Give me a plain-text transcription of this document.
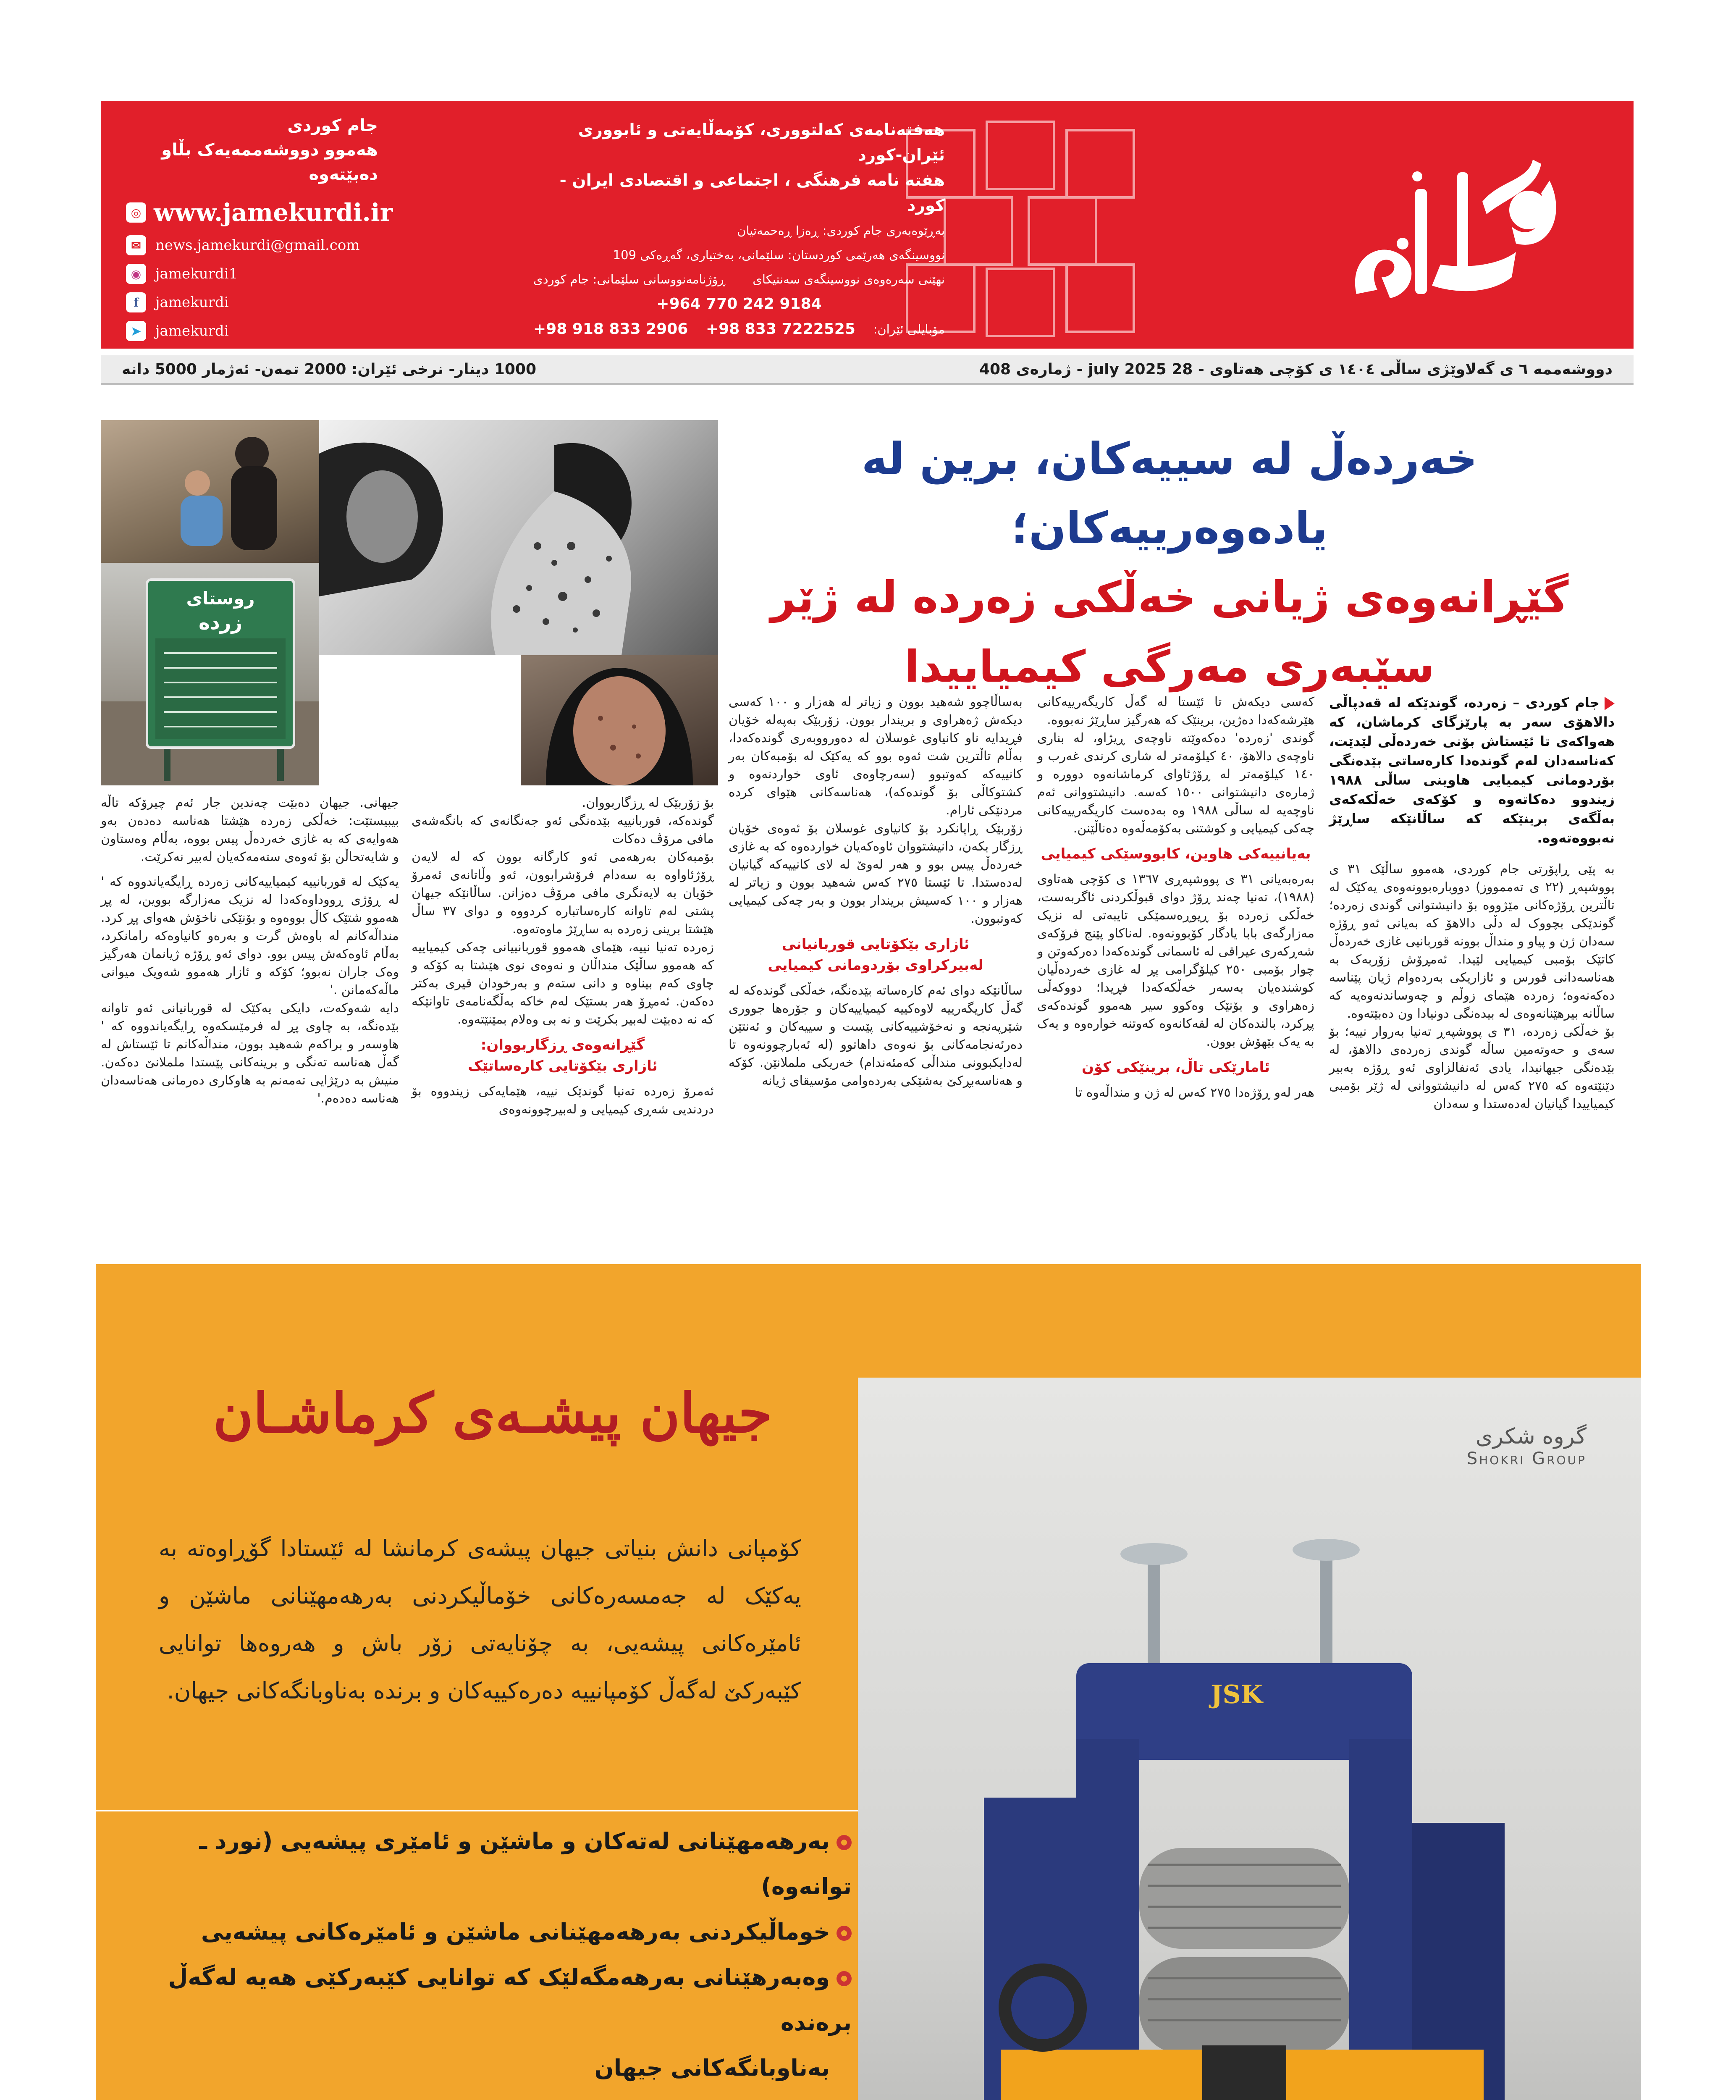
هەفتەنامەی کەلتووری، کۆمەڵایەتی و ئابووری ئێران-کورد
هفته نامه فرهنگی ، اجتماعی و اقتصادی ایران - کورد
بەڕێوەبەری جام کوردی: ڕەزا ڕەحمەتیان
نووسینگەی هەرێمی کوردستان: سلێمانی، بەختیاری، گەڕەکی 109
نهێنی سەرەوەی نووسینگەی سەنتیکای
ڕۆژنامەنووسانی سلێمانی: جام کوردی
+964 770 242 9184
مۆبایلی ئێران:
+98 833 7222525
+98 918 833 2906
جام کوردی
هەموو دووشەممەیەک بڵاو دەبێتەوە
◎ www.jamekurdi.ir
✉	news.jamekurdi@gmail.com
◉ jamekurdi1
f	jamekurdi
➤	jamekurdi
1000 دینار- نرخی ئێران: 2000 تمەن- ئەژمار 5000 دانە	دووشەممە ٦ ی گەلاوێژی ساڵی ١٤٠٤ ی کۆچی هەتاوی - 28 july 2025 - ژمارەی 408
خەردەڵ لە سییەکان، برین لە یادەوەرییەکان؛
گێڕانەوەی ژیانی خەڵکی زەردە لە ژێر
سێبەری مەرگی کیمیاییدا
روستای
زرده

جام کوردی – زەردە، گوندێکە لە قەدپاڵی دالاهۆی سەر بە پارێزگای کرماشان، کە هەواکەی تا ئێستاش بۆنی خەردەڵی لێدێت، کەناسەدان لەم گوندەدا کارەساتی بێدەنگی بۆردومانی کیمیایی هاوینی ساڵی ١٩٨٨ زیندوو دەکاتەوە و کۆکەی خەڵکەکەی بەڵگەی برینێکە کە ساڵانێکە ساڕێژ نەبووەتەوە.

بە پێی ڕاپۆرتی جام کوردی، هەموو ساڵێک ٣١ ی پووشپەڕ (٢٢ ی تەممووز) دووبارەبوونەوەی یەکێک لە تاڵترین ڕۆژەکانی مێژووە بۆ دانیشتوانی گوندی زەردە؛ گوندێکی بچووک لە دڵی دالاهۆ کە بەیانی ئەو ڕۆژە سەدان ژن و پیاو و منداڵ بوونە قوربانیی غازی خەردەڵ کاتێک بۆمبی کیمیایی لێیدا. ئەمڕۆش زۆربەک بە هەناسەدانی قورس و ئازاریکی بەردەوام ژیان پێناسە دەکەنەوە؛ زەردە هێمای زوڵم و چەوساندنەوەیە کە ساڵانە بیرهێنانەوەی لە بیدەنگی دونیادا ون دەبێتەوە.

بۆ خەڵکی زەردە، ٣١ ی پووشپەڕ تەنیا بەروار نییە؛ بۆ سەی و حەوتەمین ساڵە گوندی زەردەی دالاهۆ، لە بێدەنگی جیهانیدا، یادی ئەنفالزاوی ئەو ڕۆژە بەبیر دێنێتەوە کە ٢٧٥ کەس لە دانیشتووانی لە ژێر بۆمبی کیمیاییدا گیانیان لەدەستدا و سەدان

کەسی دیکەش تا ئێستا لە گەڵ کاریگەرییەکانی هێرشەکەدا دەژین، برینێک کە هەرگیز ساڕێژ نەبووە.

گوندی 'زەردە' دەکەوێتە ناوچەی ڕیژاو، لە بناری ناوچەی دالاهۆ، ٤٠ کیلۆمەتر لە شاری کرندی غەرب و ١٤٠ کیلۆمەتر لە ڕۆژئاوای کرماشانەوە دوورە و ژمارەی دانیشتوانی ١٥٠٠ کەسە. دانیشتووانی ئەم ناوچەیە لە ساڵی ١٩٨٨ وە بەدەست کاریگەرییەکانی چەکی کیمیایی و کوشتنی بەکۆمەڵەوە دەناڵێنن.

بەیانییەکی هاوین، کابووسێکی کیمیایی

بەرەبەیانی ٣١ ی پووشپەڕی ١٣٦٧ ی کۆچی هەتاوی (١٩٨٨)، تەنیا چەند ڕۆژ دوای قبوڵکردنی ئاگربەست، خەڵکی زەردە بۆ ڕیوڕەسمێکی تایبەتی لە نزیک مەزارگەی بابا یادگار کۆبوونەوە. لەناکاو پێنج فرۆکەی شەڕکەری عیراقی لە ئاسمانی گوندەکەدا دەرکەوتن و چوار بۆمبی ٢٥٠ کیلۆگرامی پڕ لە غازی خەردەڵیان کوشندەیان بەسەر خەڵکەکەدا فڕیدا؛ دووکەڵی زەهراوی و بۆنێک وەکوو سیر هەموو گوندەکەی پڕکرد، بالندەکان لە لقەکانەوە کەوتنە خوارەوە و یەک بە یەک بێهۆش بوون.

ئامارێکی تاڵ، برینێکی کۆن

هەر لەو ڕۆژەدا ٢٧٥ کەس لە ژن و منداڵەوە تا

بەساڵاچوو شەهید بوون و زیاتر لە هەزار و ١٠٠ کەسی دیکەش ژەهراوی و بریندار بوون. زۆربێک بەپەلە خۆیان فڕیدایە ناو کانیاوی غوسلان لە دەورووبەری گوندەکەدا، بەڵام تاڵترین شت ئەوە بوو کە یەکێک لە بۆمبەکان بەر کانییەکە کەوتبوو (سەرچاوەی ئاوی خواردنەوە و کشتوکاڵی بۆ گوندەکە)، هەناسەکانی هێوای کردە مردنێکی ئارام.

زۆربێک ڕاپانکرد بۆ کانیاوی غوسلان بۆ ئەوەی خۆیان ڕزگار بکەن، دانیشتووان ئاوەکەیان خواردەوە کە بە غازی خەردەڵ پیس بوو و هەر لەوێ لە لای کانییەکە گیانیان لەدەستدا. تا ئێستا ٢٧٥ کەس شەهید بوون و زیاتر لە هەزار و ١٠٠ کەسیش بریندار بوون و بەر چەکی کیمیایی کەوتبوون.

ئازاری بێکۆتایی قوربانیانی
لەبیرکراوی بۆردومانی کیمیایی

ساڵانێکە دوای ئەم کارەساتە بێدەنگە، خەڵکی گوندەکە لە گەڵ کاریگەرییە لاوەکییە کیمیاییەکان و جۆرەها جووری شێرپەنجە و نەخۆشییەکانی پێست و سییەکان و ئەنتێن دەرئەنجامەکانی بۆ نەوەی داهاتوو (لە ئەبارچوونەوە تا لەدایکبوونی منداڵی کەمئەندام) خەریکی ململانێن. کۆکە و هەناسەبڕکێ بەشێکی بەردەوامی مۆسیقای ژیانە

بۆ زۆربێک لە ڕزگاربووان.

گوندەکە، قوربانییە بێدەنگی ئەو جەنگانەی کە بانگەشەی مافی مرۆڤ دەکات

بۆمبەکان بەرهەمی ئەو کارگانە بوون کە لە لایەن ڕۆژئاواوە بە سەدام فرۆشرابوون، ئەو وڵاتانەی ئەمرۆ خۆیان بە لایەنگری مافی مرۆڤ دەزانن. ساڵانێکە جیهان پشتی لەم تاوانە کارەساتبارە کردووە و دوای ٣٧ ساڵ هێشتا برینی زەردە بە ساڕێژ ماوەتەوە.

زەردە تەنیا نییە، هێمای هەموو قوربانییانی چەکی کیمیاییە کە هەموو ساڵێک منداڵان و نەوەی نوی هێشتا بە کۆکە و چاوی کەم بیناوە و دانی ستەم و بەرخودان قیری بەکتر دەکەن. ئەمڕۆ هەر بستێک لەم خاکە بەڵگەنامەی تاوانێکە کە نە دەبێت لەبیر بکرێت و نە بی وەلام بمێنێتەوە.

گێڕانەوەی ڕزگاربووان:
ئازاری بێکۆتایی کارەساتێک

ئەمرۆ زەردە تەنیا گوندێک نییە، هێمایەکی زیندووە بۆ دردندیی شەڕی کیمیایی و لەبیرچوونەوەی

جیهانی. جیهان دەبێت چەندین جار ئەم چیرۆکە تاڵە بیبیستێت: خەڵکی زەردە هێشتا هەناسە دەدەن بەو هەوایەی کە بە غازی خەردەڵ پیس بووە، بەڵام وەستاون و شایەتحاڵن بۆ ئەوەی ستەمەکەیان لەبیر نەکرێت.

یەکێک لە قوربانییە کیمیاییەکانی زەردە ڕایگەیاندووە کە ' لە ڕۆژی ڕووداوەکەدا لە نزیک مەزارگە بووین، لە پڕ هەموو شتێک کاڵ بووەوە و بۆنێکی ناخۆش هەوای پڕ کرد. منداڵەکانم لە باوەش گرت و بەرەو کانیاوەکە رامانکرد، بەڵام ئاوەکەش پیس بوو. دوای ئەو ڕۆژە ژیانمان هەرگیز وەک جاران نەبوو؛ کۆکە و ئازار هەموو شەویک میوانی ماڵەکەمانن .'

دایە شەوکەت، دایکی یەکێک لە قوربانیانی ئەو تاوانە بێدەنگە، بە چاوی پڕ لە فرمێسکەوە ڕایگەیاندووە کە ' هاوسەر و براکەم شەهید بوون، منداڵەکانم تا ئێستاش لە گەڵ هەناسە تەنگی و برینەکانی پێستدا ململانێ دەکەن. منیش بە درێژایی تەمەنم بە هاوکاری دەرمانی هەناسەدان هەناسە دەدەم.'

گروه شکری
Shokri Group
JSK
جیهان پیشـەی کرماشـان
کۆمپانی دانش بنیاتی جیهان پیشەی کرمانشا لە ئێستادا گۆڕاوەتە بە یەکێک لە جەمسەرەکانی خۆماڵیکردنی بەرهەمهێنانی ماشێن و ئامێرەکانی پیشەیی، بە چۆنایەتی زۆر باش و هەروەها توانایی کێبەرکێ لەگەڵ کۆمپانییە دەرەکییەکان و برندە بەناوبانگەکانی جیهان.
بەرهەمهێنانی لەتەکان و ماشێن و ئامێری پیشەیی (نورد ـ توانەوە)
خوماڵیکردنی بەرهەمهێنانی ماشێن و ئامێرەکانی پیشەیی
وەبەرهێنانی بەرهەمگەلێک کە توانایی کێبەرکێی هەیە لەگەڵ برەندە
بەناوبانگەکانی جیهان
